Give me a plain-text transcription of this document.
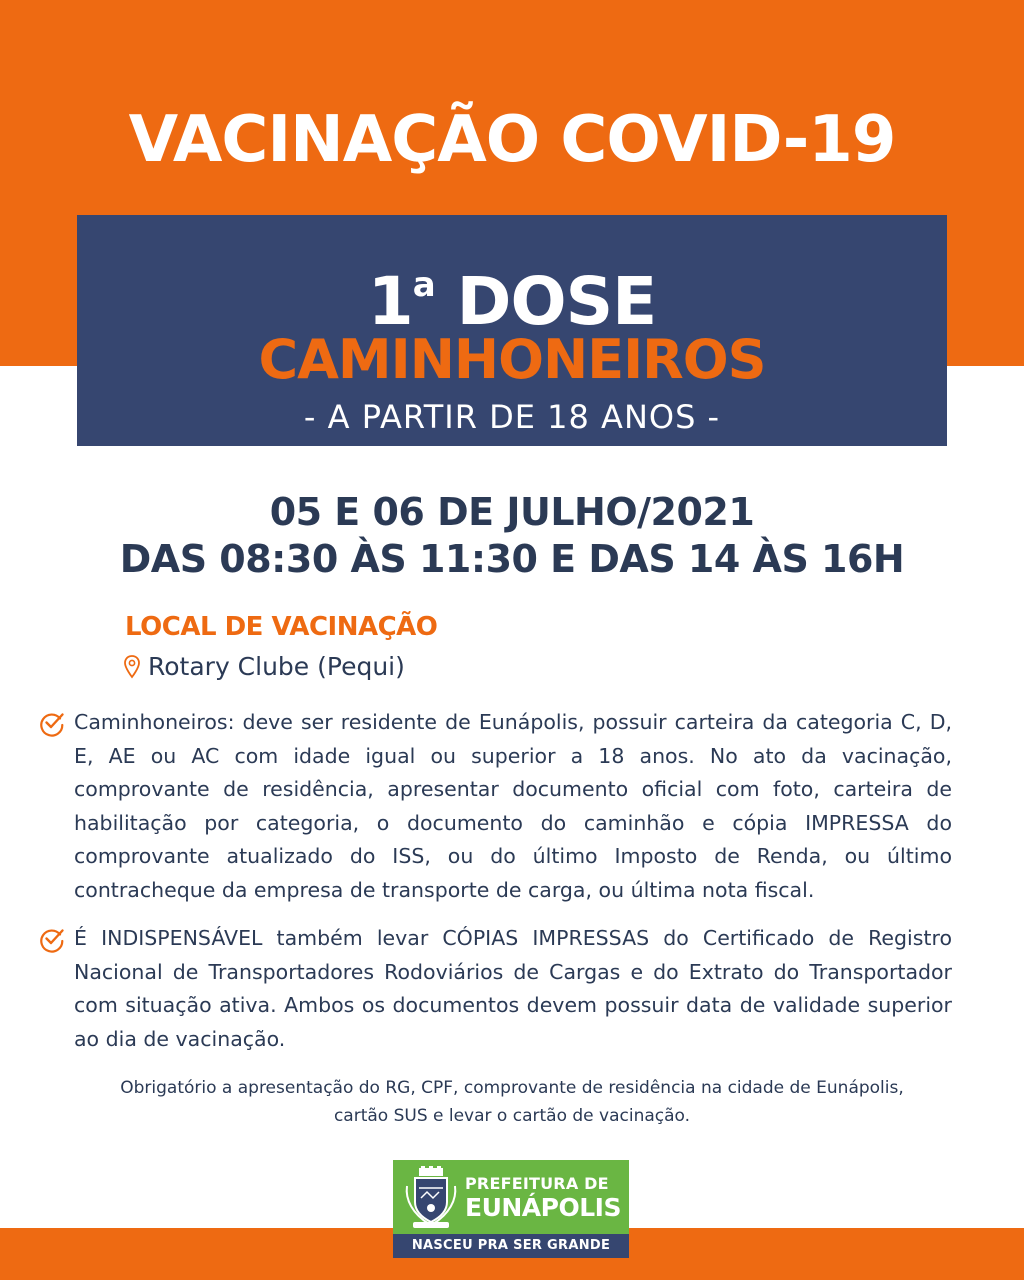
VACINAÇÃO COVID-19
1$^a$ DOSE
CAMINHONEIROS
- A PARTIR DE 18 ANOS -
05 E 06 DE JULHO/2021
DAS 08:30 ÀS 11:30 E DAS 14 ÀS 16H
LOCAL DE VACINAÇÃO
Rotary Clube (Pequi)
Caminhoneiros: deve ser residente de Eunápolis, possuir carteira da categoria C, D, E, AE ou AC com idade igual ou superior a 18 anos. No ato da vacinação, comprovante de residência, apresentar documento oficial com foto, carteira de habilitação por categoria, o documento do caminhão e cópia IMPRESSA do comprovante atualizado do ISS, ou do último Imposto de Renda, ou último contracheque da empresa de transporte de carga, ou última nota fiscal.
É INDISPENSÁVEL também levar CÓPIAS IMPRESSAS do Certificado de Registro Nacional de Transportadores Rodoviários de Cargas e do Extrato do Transportador com situação ativa. Ambos os documentos devem possuir data de validade superior ao dia de vacinação.
Obrigatório a apresentação do RG, CPF, comprovante de residência na cidade de Eunápolis,
cartão SUS e levar o cartão de vacinação.
PREFEITURA DE
EUNÁPOLIS
NASCEU PRA SER GRANDE
